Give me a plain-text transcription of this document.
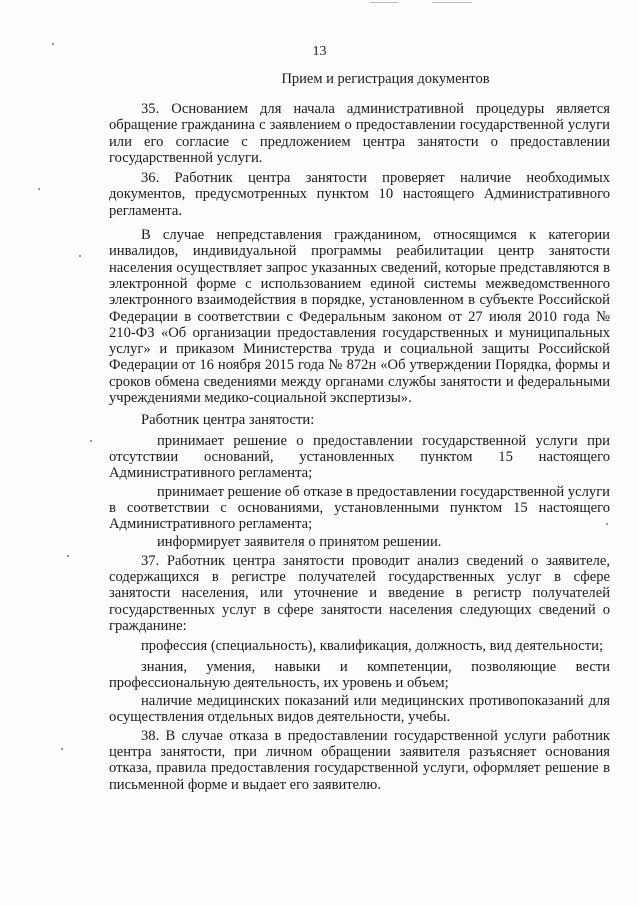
13
Прием и регистрация документов

35. Основанием для начала административной процедуры является обращение гражданина с заявлением о предоставлении государственной услуги или его согласие с предложением центра занятости о предоставлении государственной услуги.

36. Работник центра занятости проверяет наличие необходимых документов, предусмотренных пунктом 10 настоящего Административного регламента.

В случае непредставления гражданином, относящимся к категории инвалидов, индивидуальной программы реабилитации центр занятости населения осуществляет запрос указанных сведений, которые представляются в электронной форме с использованием единой системы межведомственного электронного взаимодействия в порядке, установленном в субъекте Российской Федерации в соответствии с Федеральным законом от 27 июля 2010 года № 210-ФЗ «Об организации предоставления государственных и муниципальных услуг» и приказом Министерства труда и социальной защиты Российской Федерации от 16 ноября 2015 года № 872н «Об утверждении Порядка, формы и сроков обмена сведениями между органами службы занятости и федеральными учреждениями медико-социальной экспертизы».

Работник центра занятости:

принимает решение о предоставлении государственной услуги при отсутствии оснований, установленных пунктом 15 настоящего Административного регламента;

принимает решение об отказе в предоставлении государственной услуги в соответствии с основаниями, установленными пунктом 15 настоящего Административного регламента;

информирует заявителя о принятом решении.

37. Работник центра занятости проводит анализ сведений о заявителе, содержащихся в регистре получателей государственных услуг в сфере занятости населения, или уточнение и введение в регистр получателей государственных услуг в сфере занятости населения следующих сведений о гражданине:

профессия (специальность), квалификация, должность, вид деятельности;

знания, умения, навыки и компетенции, позволяющие вести профессиональную деятельность, их уровень и объем;

наличие медицинских показаний или медицинских противопоказаний для осуществления отдельных видов деятельности, учебы.

38. В случае отказа в предоставлении государственной услуги работник центра занятости, при личном обращении заявителя разъясняет основания отказа, правила предоставления государственной услуги, оформляет решение в письменной форме и выдает его заявителю.
